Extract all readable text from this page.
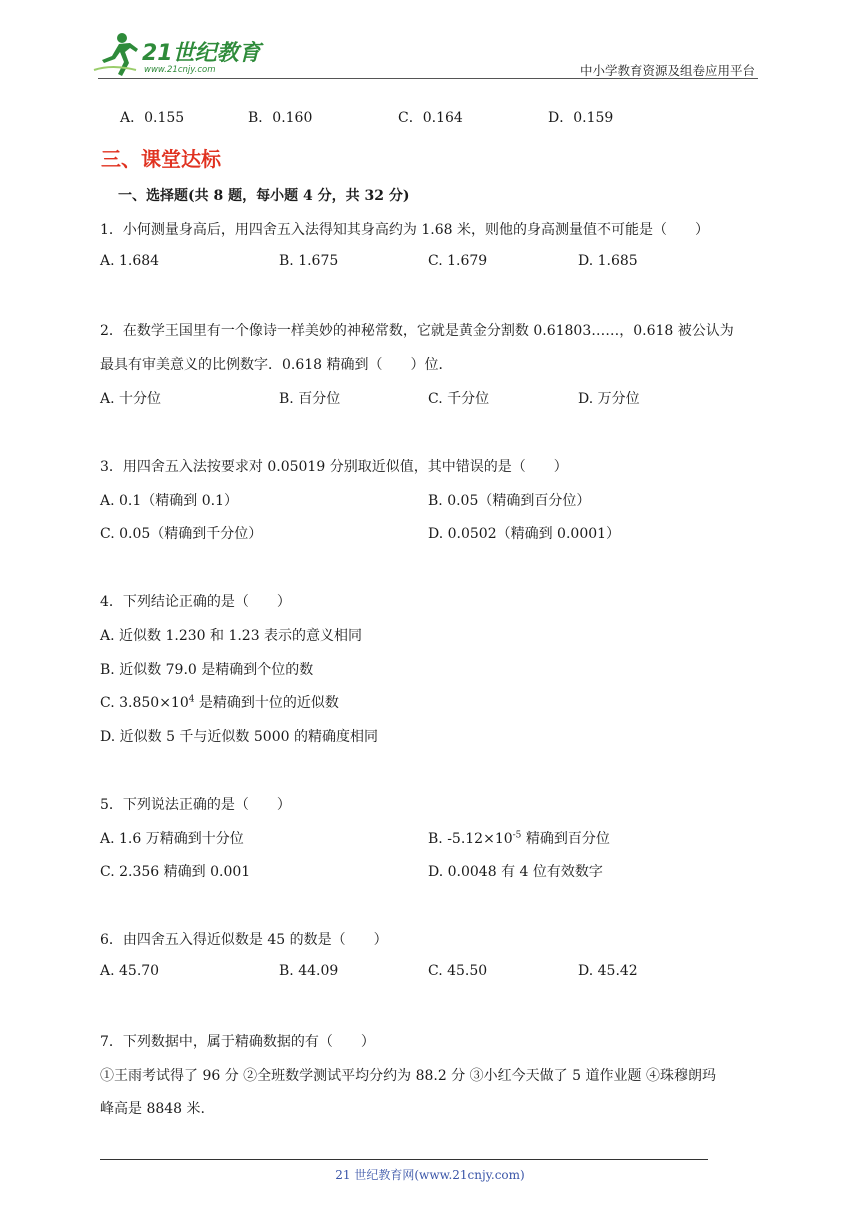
21世纪教育
www.21cnjy.com	中小学教育资源及组卷应用平台
A．0.155	B．0.160	C．0.164	D．0.159
三、课堂达标
一、选择题(共 8 题，每小题 4 分，共 32 分)
1．小何测量身高后，用四舍五入法得知其身高约为 1.68 米，则他的身高测量值不可能是（　　）
A. 1.684	B. 1.675	C. 1.679	D. 1.685
2．在数学王国里有一个像诗一样美妙的神秘常数，它就是黄金分割数 0.61803……，0.618 被公认为
最具有审美意义的比例数字．0.618 精确到（　　）位．
A. 十分位	B. 百分位	C. 千分位	D. 万分位
3．用四舍五入法按要求对 0.05019 分别取近似值，其中错误的是（　　）
A. 0.1（精确到 0.1）	B. 0.05（精确到百分位）
C. 0.05（精确到千分位）	D. 0.0502（精确到 0.0001）
4．下列结论正确的是（　　）
A. 近似数 1.230 和 1.23 表示的意义相同
B. 近似数 79.0 是精确到个位的数
C. $3.850\times 10^4$ 是精确到十位的近似数
D. 近似数 5 千与近似数 5000 的精确度相同
5．下列说法正确的是（　　）
A. 1.6 万精确到十分位	B. $-5.12\times 10^{-5}$ 精确到百分位
C. 2.356 精确到 0.001	D. 0.0048 有 4 位有效数字
6．由四舍五入得近似数是 45 的数是（　　）
A. 45.70	B. 44.09	C. 45.50	D. 45.42
7．下列数据中，属于精确数据的有（　　）
①王雨考试得了 96 分 ②全班数学测试平均分约为 88.2 分 ③小红今天做了 5 道作业题 ④珠穆朗玛
峰高是 8848 米.
21 世纪教育网(www.21cnjy.com)
